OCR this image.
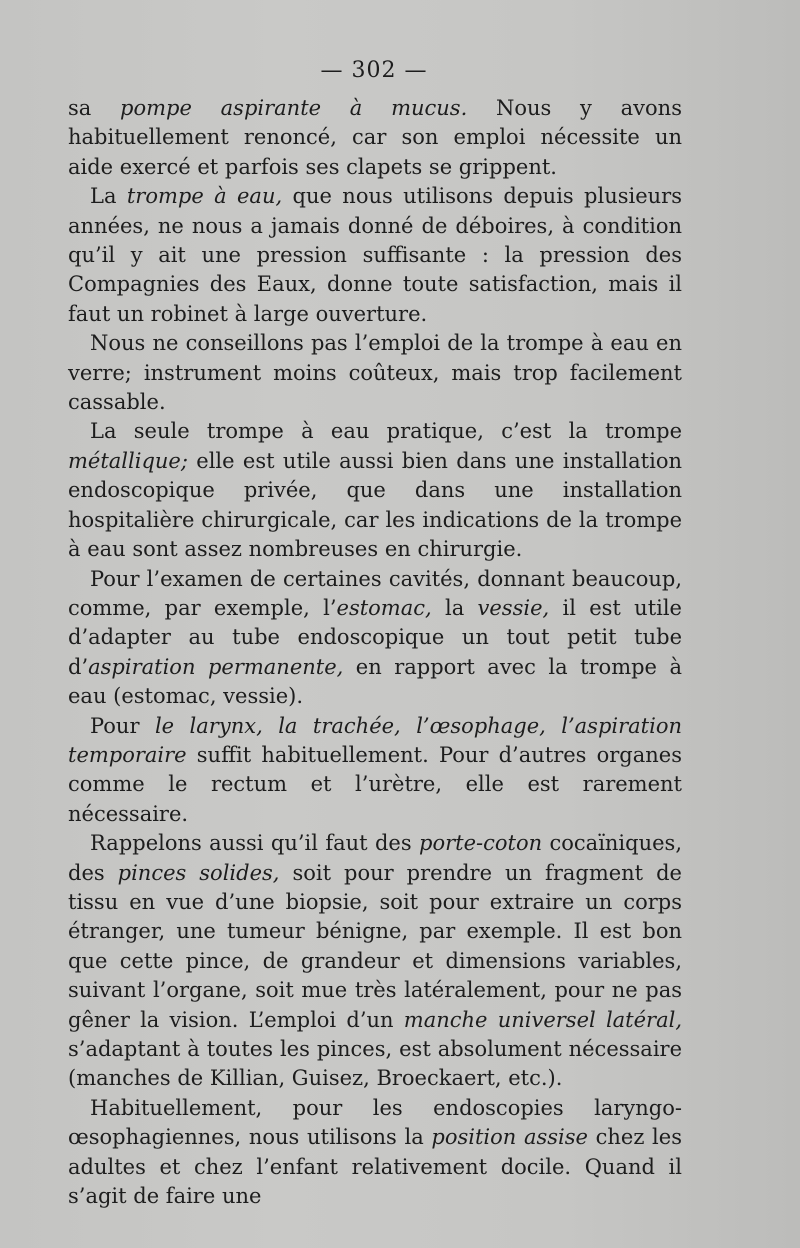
— 302 —

sa pompe aspirante à mucus. Nous y avons habituellement renoncé, car son emploi nécessite un aide exercé et parfois ses clapets se grippent.

La trompe à eau, que nous utilisons depuis plusieurs années, ne nous a jamais donné de déboires, à condition qu’il y ait une pression suffisante : la pression des Compagnies des Eaux, donne toute satisfaction, mais il faut un robinet à large ouverture.

Nous ne conseillons pas l’emploi de la trompe à eau en verre; instrument moins coûteux, mais trop facilement cassable.

La seule trompe à eau pratique, c’est la trompe métallique; elle est utile aussi bien dans une installation endoscopique privée, que dans une installation hospitalière chirurgicale, car les indications de la trompe à eau sont assez nombreuses en chirurgie.

Pour l’examen de certaines cavités, donnant beaucoup, comme, par exemple, l’estomac, la vessie, il est utile d’adapter au tube endoscopique un tout petit tube d’aspiration permanente, en rapport avec la trompe à eau (estomac, vessie).

Pour le larynx, la trachée, l’œsophage, l’aspiration temporaire suffit habituellement. Pour d’autres organes comme le rectum et l’urètre, elle est rarement nécessaire.

Rappelons aussi qu’il faut des porte-coton cocaïniques, des pinces solides, soit pour prendre un fragment de tissu en vue d’une biopsie, soit pour extraire un corps étranger, une tumeur bénigne, par exemple. Il est bon que cette pince, de grandeur et dimensions variables, suivant l’organe, soit mue très latéralement, pour ne pas gêner la vision. L’emploi d’un manche universel latéral, s’adaptant à toutes les pinces, est absolument nécessaire (manches de Killian, Guisez, Broeckaert, etc.).

Habituellement, pour les endoscopies laryngo-œsophagiennes, nous utilisons la position assise chez les adultes et chez l’enfant relativement docile. Quand il s’agit de faire une
